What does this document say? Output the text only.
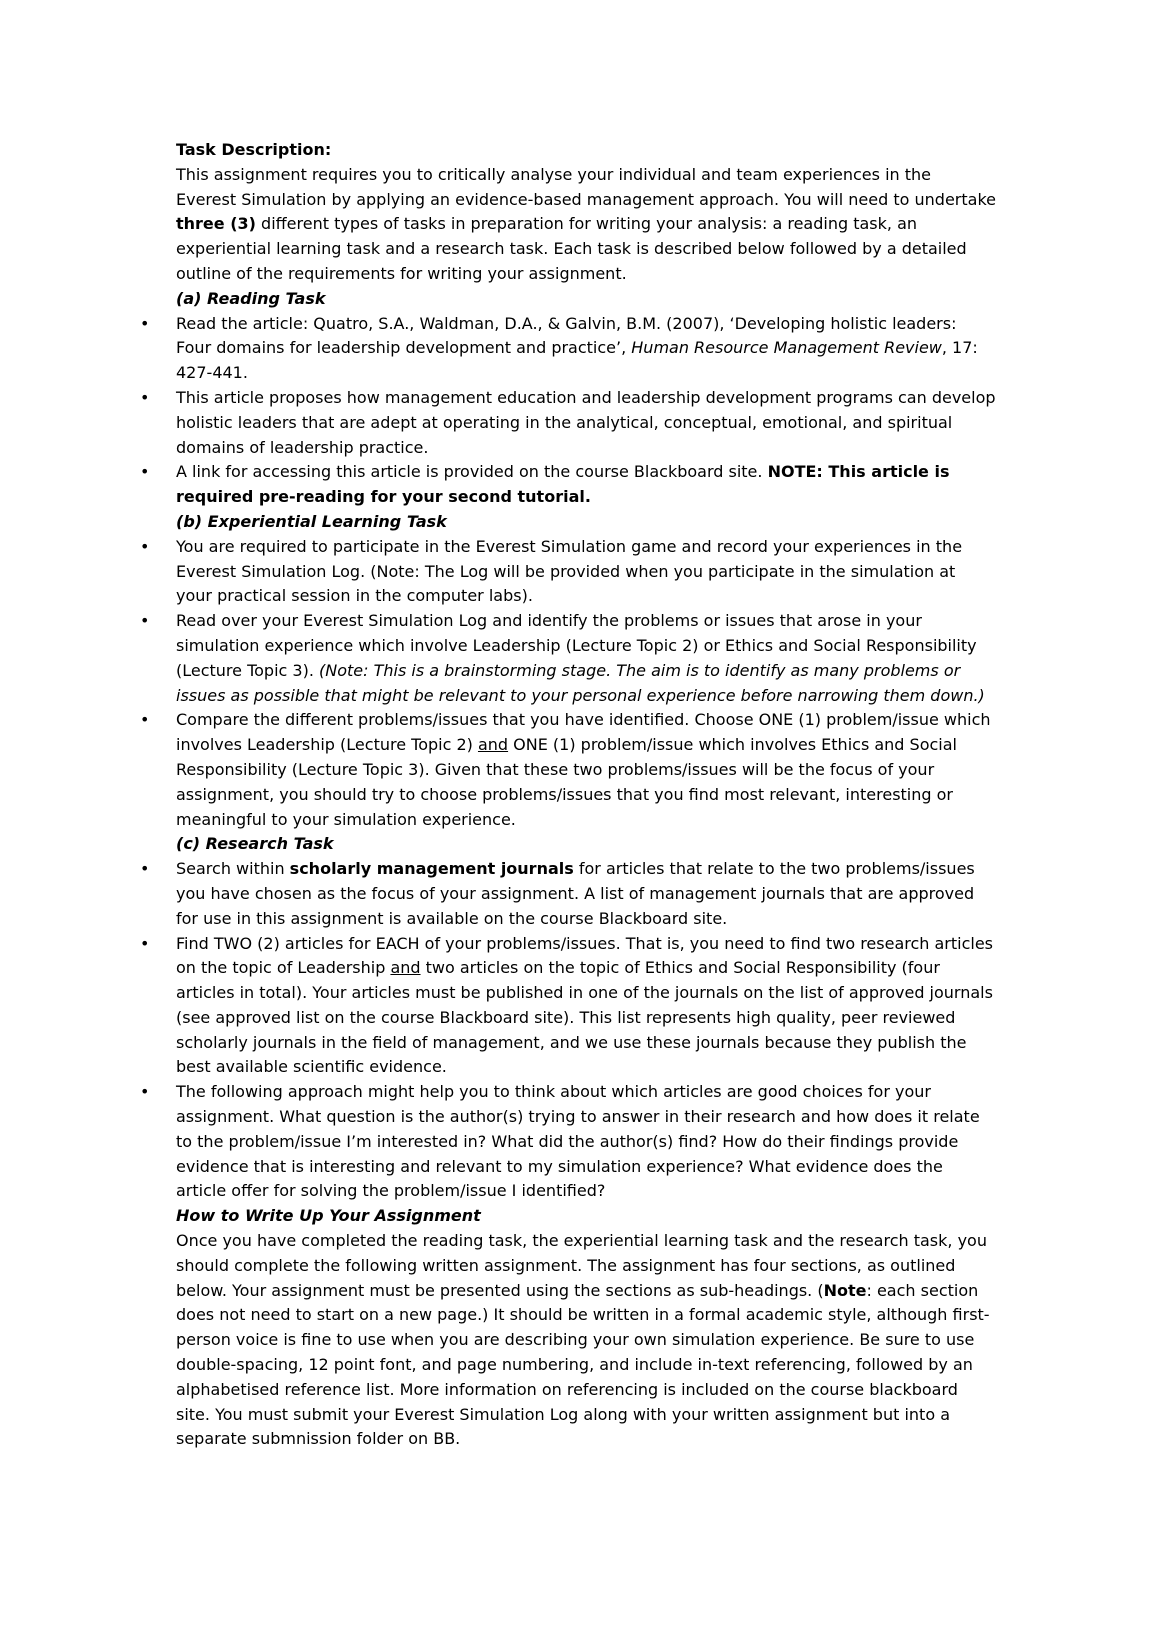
Task Description:

This assignment requires you to critically analyse your individual and team experiences in the Everest Simulation by applying an evidence-based management approach. You will need to undertake three (3) different types of tasks in preparation for writing your analysis: a reading task, an experiential learning task and a research task. Each task is described below followed by a detailed outline of the requirements for writing your assignment.

(a) Reading Task
• Read the article: Quatro, S.A., Waldman, D.A., & Galvin, B.M. (2007), ‘Developing holistic leaders: Four domains for leadership development and practice’, Human Resource Management Review, 17: 427-441.
• This article proposes how management education and leadership development programs can develop holistic leaders that are adept at operating in the analytical, conceptual, emotional, and spiritual domains of leadership practice.
• A link for accessing this article is provided on the course Blackboard site. NOTE: This article is required pre-reading for your second tutorial.
(b) Experiential Learning Task
• You are required to participate in the Everest Simulation game and record your experiences in the Everest Simulation Log. (Note: The Log will be provided when you participate in the simulation at your practical session in the computer labs).
• Read over your Everest Simulation Log and identify the problems or issues that arose in your simulation experience which involve Leadership (Lecture Topic 2) or Ethics and Social Responsibility (Lecture Topic 3). (Note: This is a brainstorming stage. The aim is to identify as many problems or issues as possible that might be relevant to your personal experience before narrowing them down.)
• Compare the different problems/issues that you have identified. Choose ONE (1) problem/issue which involves Leadership (Lecture Topic 2) and ONE (1) problem/issue which involves Ethics and Social Responsibility (Lecture Topic 3). Given that these two problems/issues will be the focus of your assignment, you should try to choose problems/issues that you find most relevant, interesting or meaningful to your simulation experience.
(c) Research Task
• Search within scholarly management journals for articles that relate to the two problems/issues you have chosen as the focus of your assignment. A list of management journals that are approved for use in this assignment is available on the course Blackboard site.
• Find TWO (2) articles for EACH of your problems/issues. That is, you need to find two research articles on the topic of Leadership and two articles on the topic of Ethics and Social Responsibility (four articles in total). Your articles must be published in one of the journals on the list of approved journals (see approved list on the course Blackboard site). This list represents high quality, peer reviewed scholarly journals in the field of management, and we use these journals because they publish the best available scientific evidence.
• The following approach might help you to think about which articles are good choices for your assignment. What question is the author(s) trying to answer in their research and how does it relate to the problem/issue I’m interested in? What did the author(s) find? How do their findings provide evidence that is interesting and relevant to my simulation experience? What evidence does the article offer for solving the problem/issue I identified?
How to Write Up Your Assignment

Once you have completed the reading task, the experiential learning task and the research task, you should complete the following written assignment. The assignment has four sections, as outlined below. Your assignment must be presented using the sections as sub-headings. (Note: each section does not need to start on a new page.) It should be written in a formal academic style, although first-person voice is fine to use when you are describing your own simulation experience. Be sure to use double-spacing, 12 point font, and page numbering, and include in-text referencing, followed by an alphabetised reference list. More information on referencing is included on the course blackboard site. You must submit your Everest Simulation Log along with your written assignment but into a separate submnission folder on BB.
